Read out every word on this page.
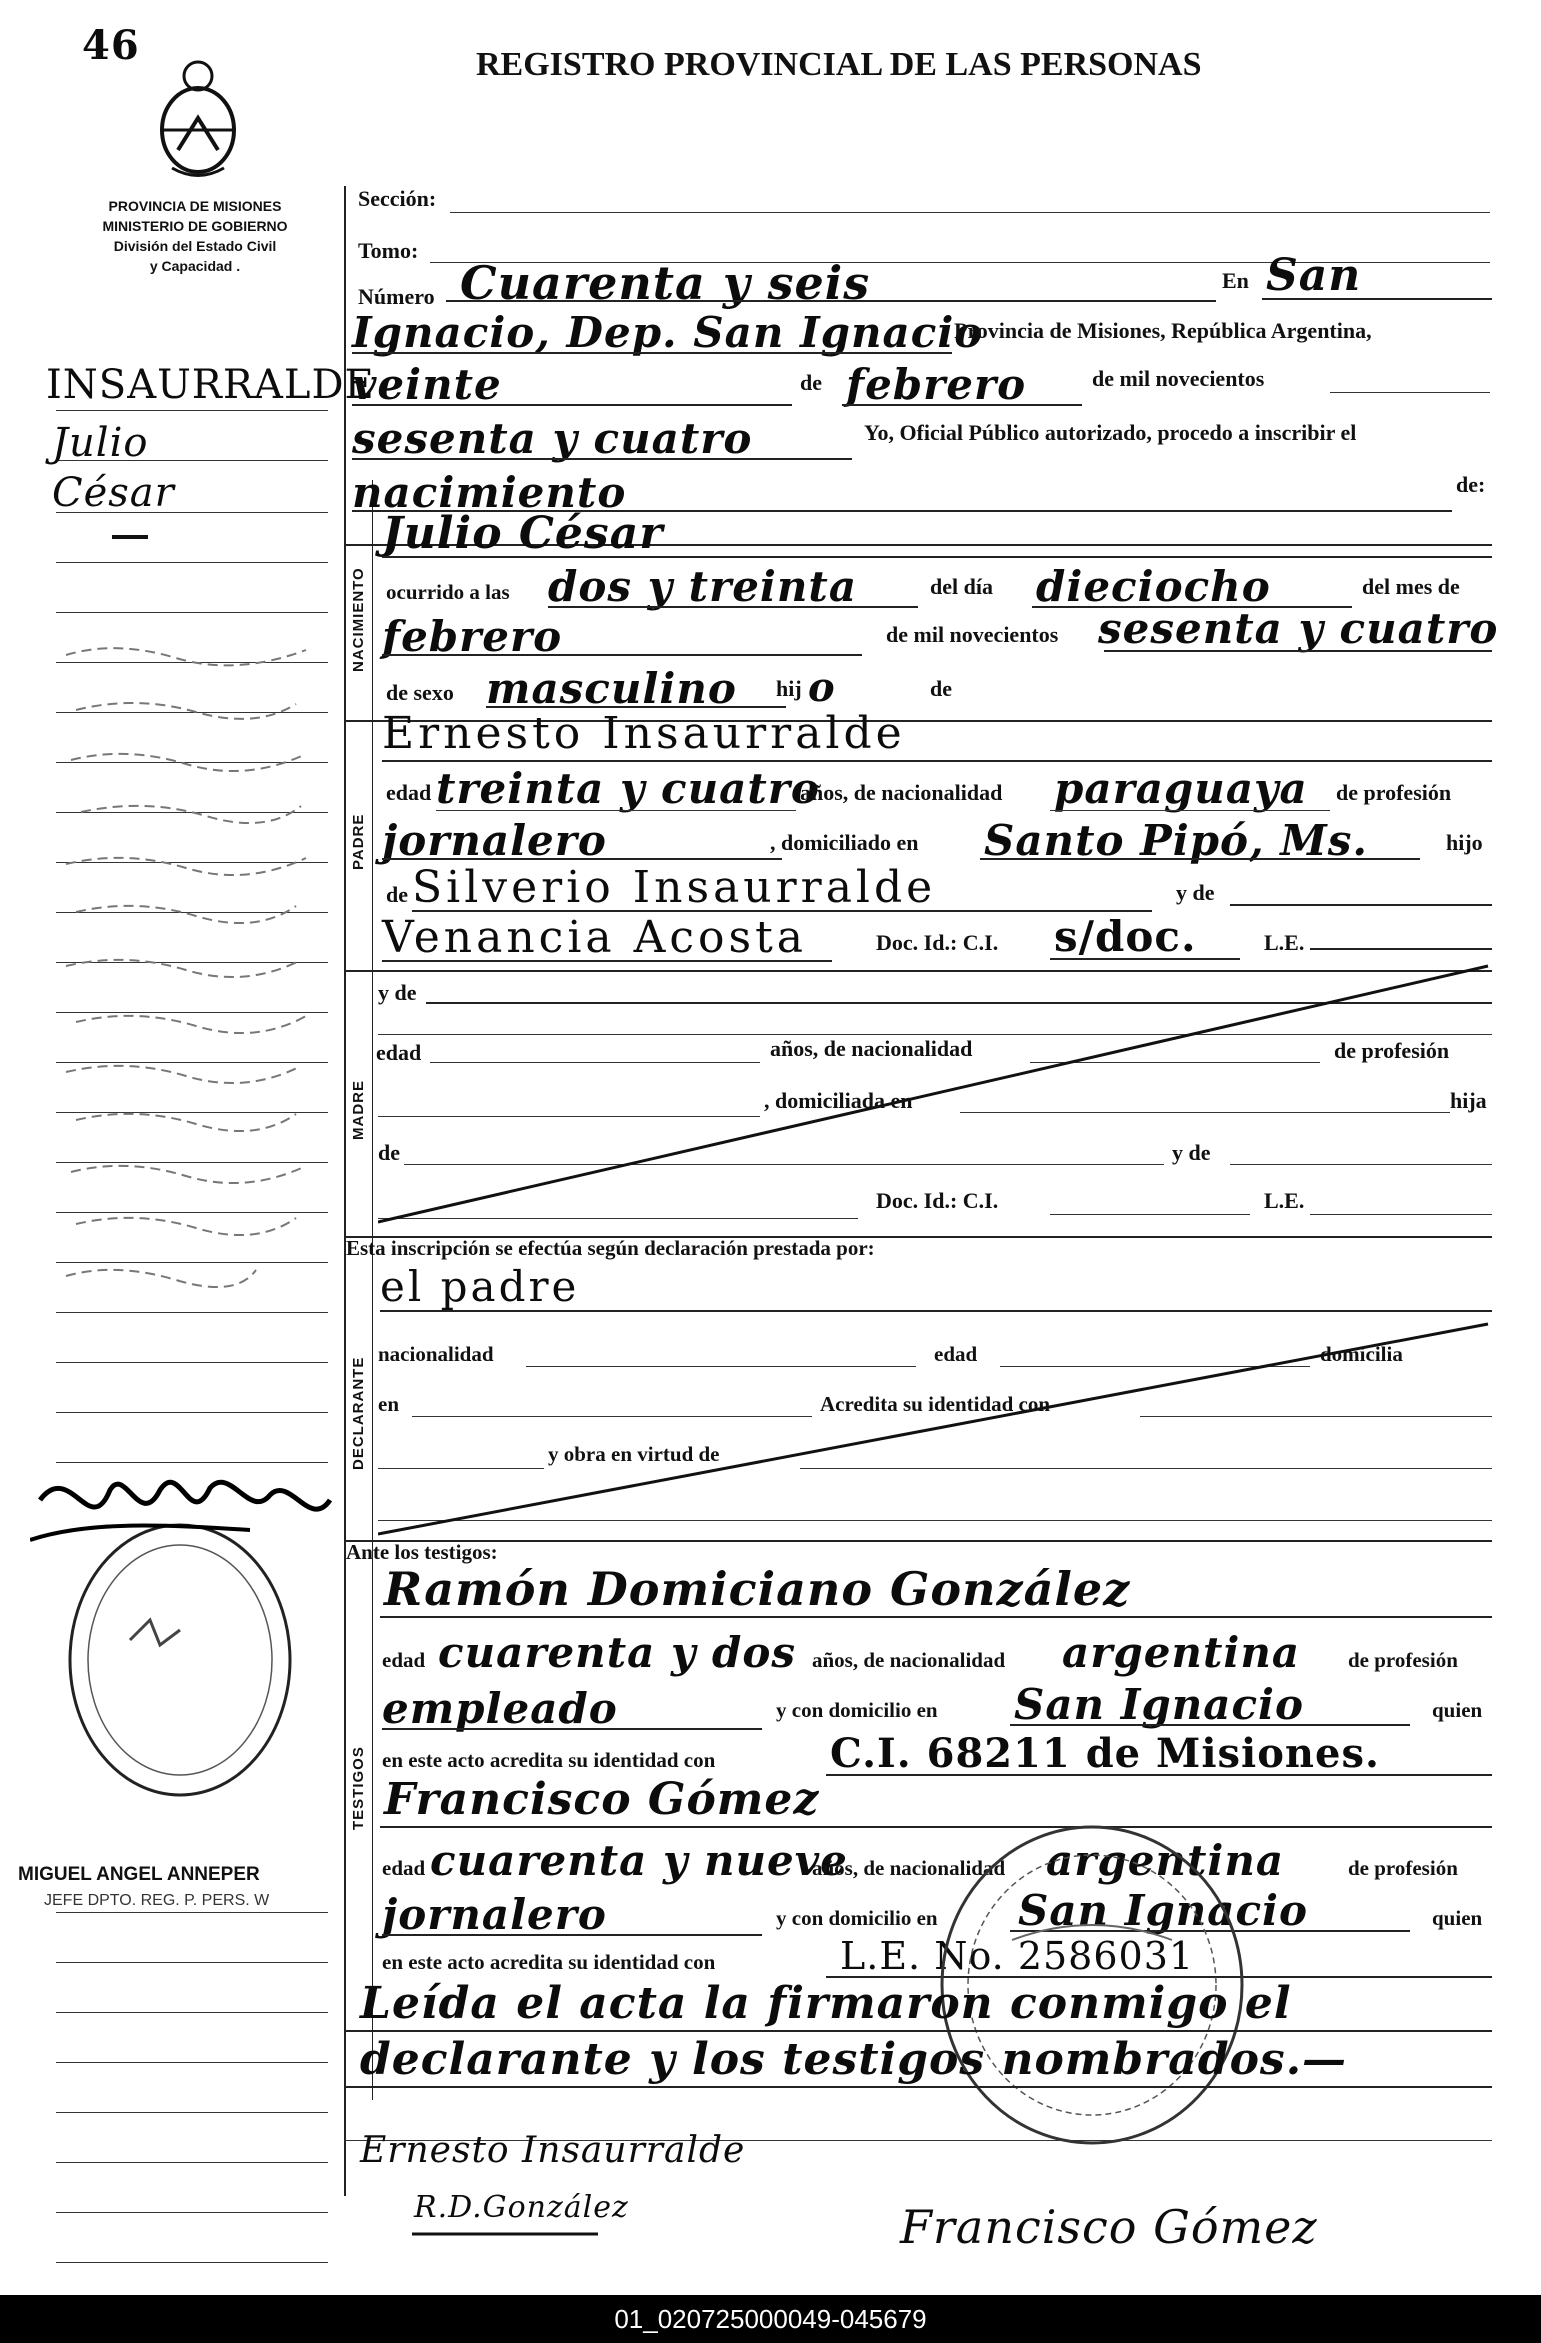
46	REGISTRO PROVINCIAL DE LAS PERSONAS
PROVINCIA DE MISIONES
MINISTERIO DE GOBIERNO
División del Estado Civil
y Capacidad .
INSAURRALDE
Julio
César
MIGUEL ANGEL ANNEPER
JEFE DPTO. REG. P. PERS. W
Sección:
Tomo:
Número Cuarenta y seis	En San
Ignacio, Dep. San Ignacio
Provincia de Misiones, República Argentina,
veinte	de febrero	de mil novecientos
sesenta y cuatro	Yo, Oficial Público autorizado, procedo a inscribir el
nacimiento	de:
NACIMIENTO
Julio César
ocurrido a las dos y treinta	del día dieciocho	del mes de
febrero	de mil novecientos sesenta y cuatro
de sexo masculino hij o	de
PADRE
Ernesto Insaurralde
edad treinta y cuatro
años, de nacionalidad paraguaya de profesión
jornalero	, domiciliado en Santo Pipó, Ms.	hijo
de Silverio Insaurralde	y de
Venancia Acosta	Doc. Id.: C.I. s/doc.	L.E.
MADRE
y de
edad	años, de nacionalidad	de profesión
, domiciliada en	hija
de	y de
Doc. Id.: C.I.	L.E.
Esta inscripción se efectúa según declaración prestada por:
DECLARANTE
el padre
nacionalidad	edad	domicilia
en	Acredita su identidad con
y obra en virtud de
Ante los testigos:
TESTIGOS
Ramón Domiciano González
edad cuarenta y dos años, de nacionalidad argentina de profesión
empleado	y con domicilio en San Ignacio	quien
en este acto acredita su identidad con	C.I. 68211 de Misiones.
Francisco Gómez
edad cuarenta y nueve
años, de nacionalidad argentina	de profesión
jornalero	y con domicilio en San Ignacio	quien
en este acto acredita su identidad con	L.E. No. 2586031
Leída el acta la firmaron conmigo el
declarante y los testigos nombrados.—
Ernesto Insaurralde
R.D.González	Francisco Gómez
01_020725000049-045679
